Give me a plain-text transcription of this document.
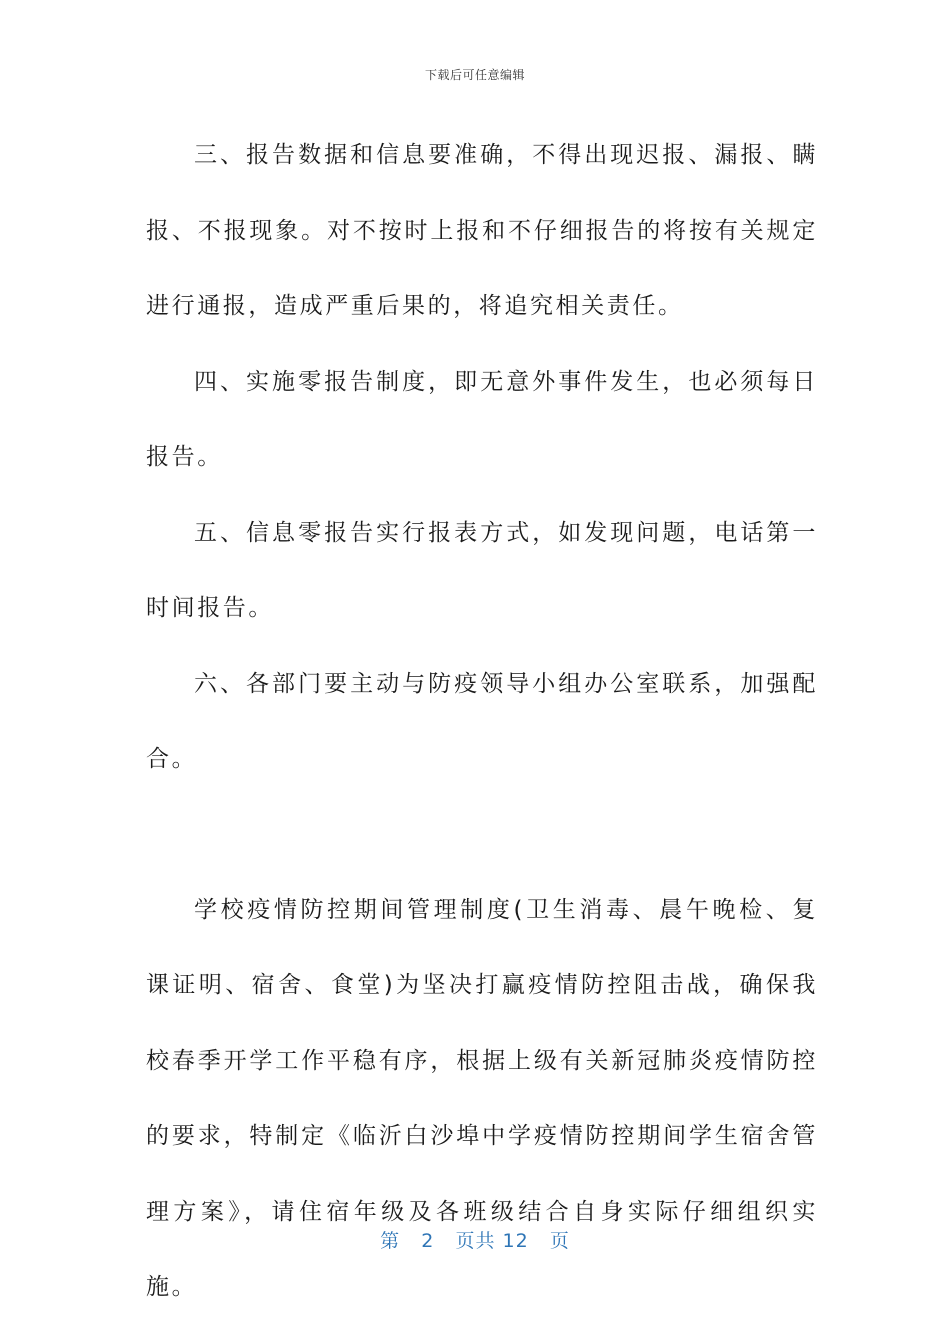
下载后可任意编辑

三、报告数据和信息要准确，不得出现迟报、漏报、瞒报、不报现象。对不按时上报和不仔细报告的将按有关规定进行通报，造成严重后果的，将追究相关责任。

四、实施零报告制度，即无意外事件发生，也必须每日报告。

五、信息零报告实行报表方式，如发现问题，电话第一时间报告。

六、各部门要主动与防疫领导小组办公室联系，加强配合。

学校疫情防控期间管理制度(卫生消毒、晨午晚检、复课证明、宿舍、食堂)为坚决打赢疫情防控阻击战，确保我校春季开学工作平稳有序，根据上级有关新冠肺炎疫情防控的要求，特制定《临沂白沙埠中学疫情防控期间学生宿舍管理方案》，请住宿年级及各班级结合自身实际仔细组织实施。

第 2 页共 12 页
